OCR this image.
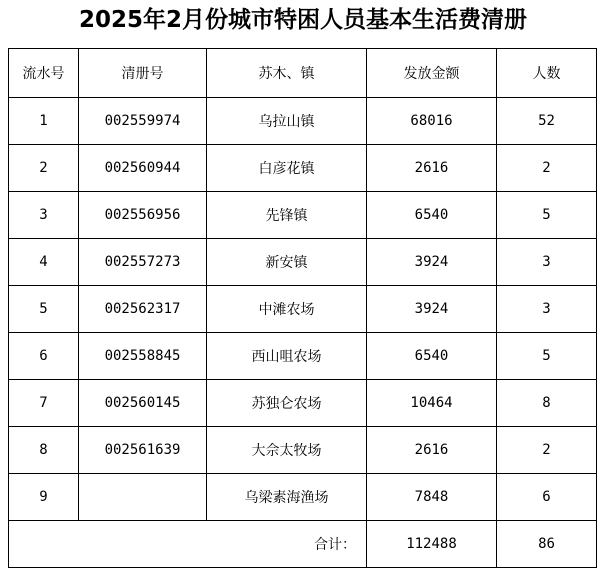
2025年2月份城市特困人员基本生活费清册
流水号	清册号	苏木、镇	发放金额	人数
1	002559974	乌拉山镇	68016	52
2	002560944	白彦花镇	2616	2
3	002556956	先锋镇	6540	5
4	002557273	新安镇	3924	3
5	002562317	中滩农场	3924	3
6	002558845	西山咀农场	6540	5
7	002560145	苏独仑农场	10464	8
8	002561639	大佘太牧场	2616	2
9		乌梁素海渔场	7848	6
合计：			112488	86
